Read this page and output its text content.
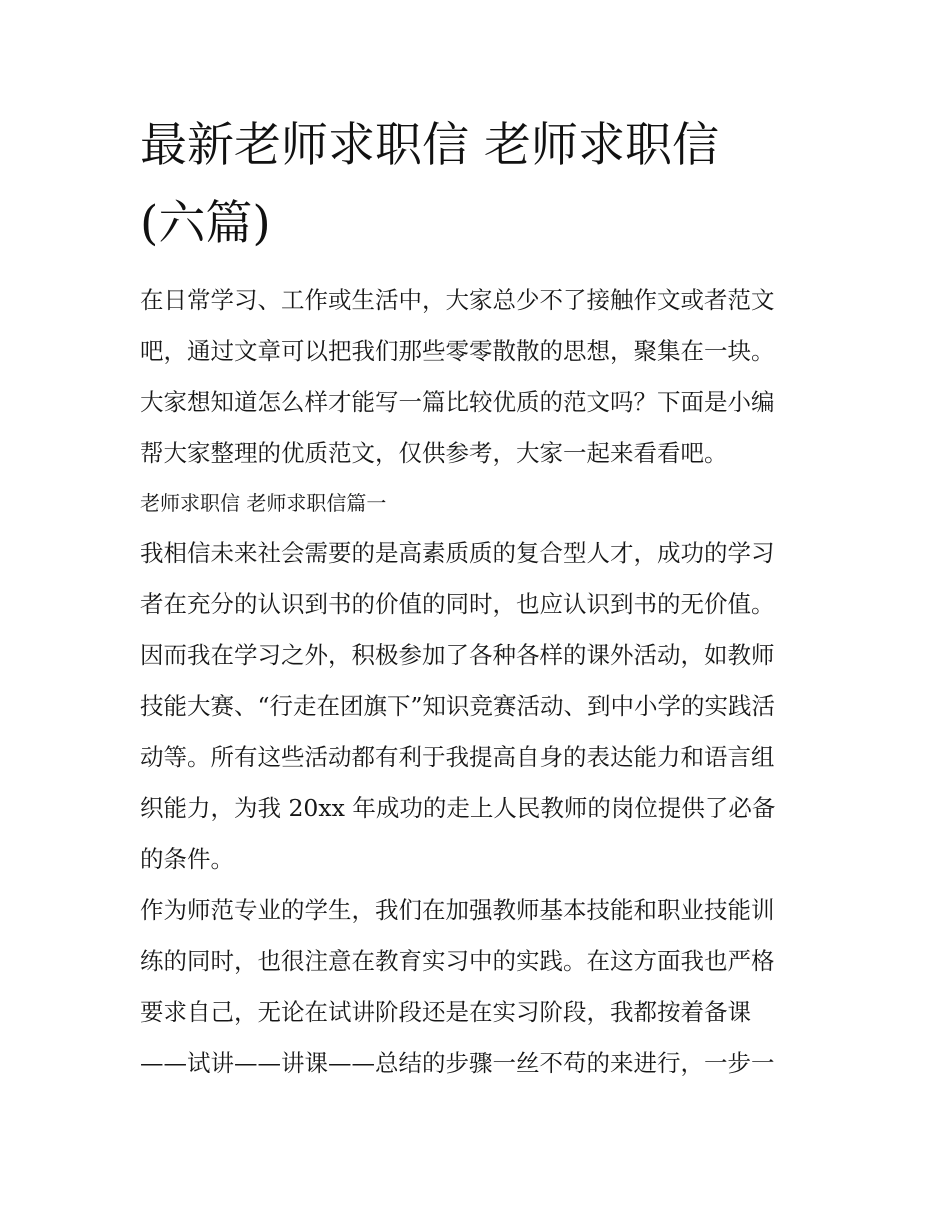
最新老师求职信 老师求职信
(六篇)
在日常学习、工作或生活中，大家总少不了接触作文或者范文
吧，通过文章可以把我们那些零零散散的思想，聚集在一块。
大家想知道怎么样才能写一篇比较优质的范文吗？下面是小编
帮大家整理的优质范文，仅供参考，大家一起来看看吧。
老师求职信 老师求职信篇一
我相信未来社会需要的是高素质质的复合型人才，成功的学习
者在充分的认识到书的价值的同时，也应认识到书的无价值。
因而我在学习之外，积极参加了各种各样的课外活动，如教师
技能大赛、“行走在团旗下”知识竞赛活动、到中小学的实践活
动等。所有这些活动都有利于我提高自身的表达能力和语言组
织能力，为我 20xx 年成功的走上人民教师的岗位提供了必备
的条件。
作为师范专业的学生，我们在加强教师基本技能和职业技能训
练的同时，也很注意在教育实习中的实践。在这方面我也严格
要求自己，无论在试讲阶段还是在实习阶段，我都按着备课
——试讲——讲课——总结的步骤一丝不苟的来进行，一步一
